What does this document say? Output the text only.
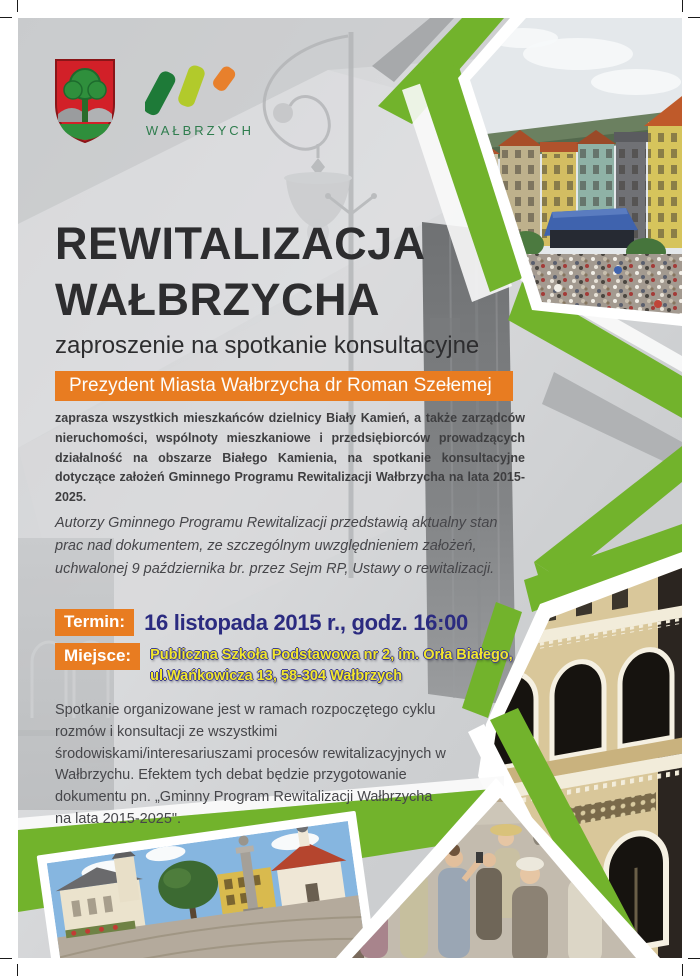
WAŁBRZYCH
REWITALIZACJA
WAŁBRZYCHA
zaproszenie na spotkanie konsultacyjne
Prezydent Miasta Wałbrzycha dr Roman Szełemej
zaprasza wszystkich mieszkańców dzielnicy Biały Kamień, a także zarządców nieruchomości, wspólnoty mieszkaniowe i przedsiębiorców prowadzących działalność na obszarze Białego Kamienia, na spotkanie konsultacyjne dotyczące założeń Gminnego Programu Rewitalizacji Wałbrzycha na lata 2015-2025.
Autorzy Gminnego Programu Rewitalizacji przedstawią aktualny stan prac nad dokumentem, ze szczególnym uwzględnieniem założeń, uchwalonej 9 października br. przez Sejm RP, Ustawy o rewitalizacji.
Termin: 16 listopada 2015 r., godz. 16:00
Miejsce:	Publiczna Szkoła Podstawowa nr 2, im. Orła Białego,
ul.Wańkowicza 13, 58-304 Wałbrzych
Spotkanie organizowane jest w ramach rozpoczętego cyklu rozmów i konsultacji ze wszystkimi środowiskami/interesariuszami procesów rewitalizacyjnych w Wałbrzychu. Efektem tych debat będzie przygotowanie dokumentu pn. „Gminny Program Rewitalizacji Wałbrzycha na lata 2015-2025".
